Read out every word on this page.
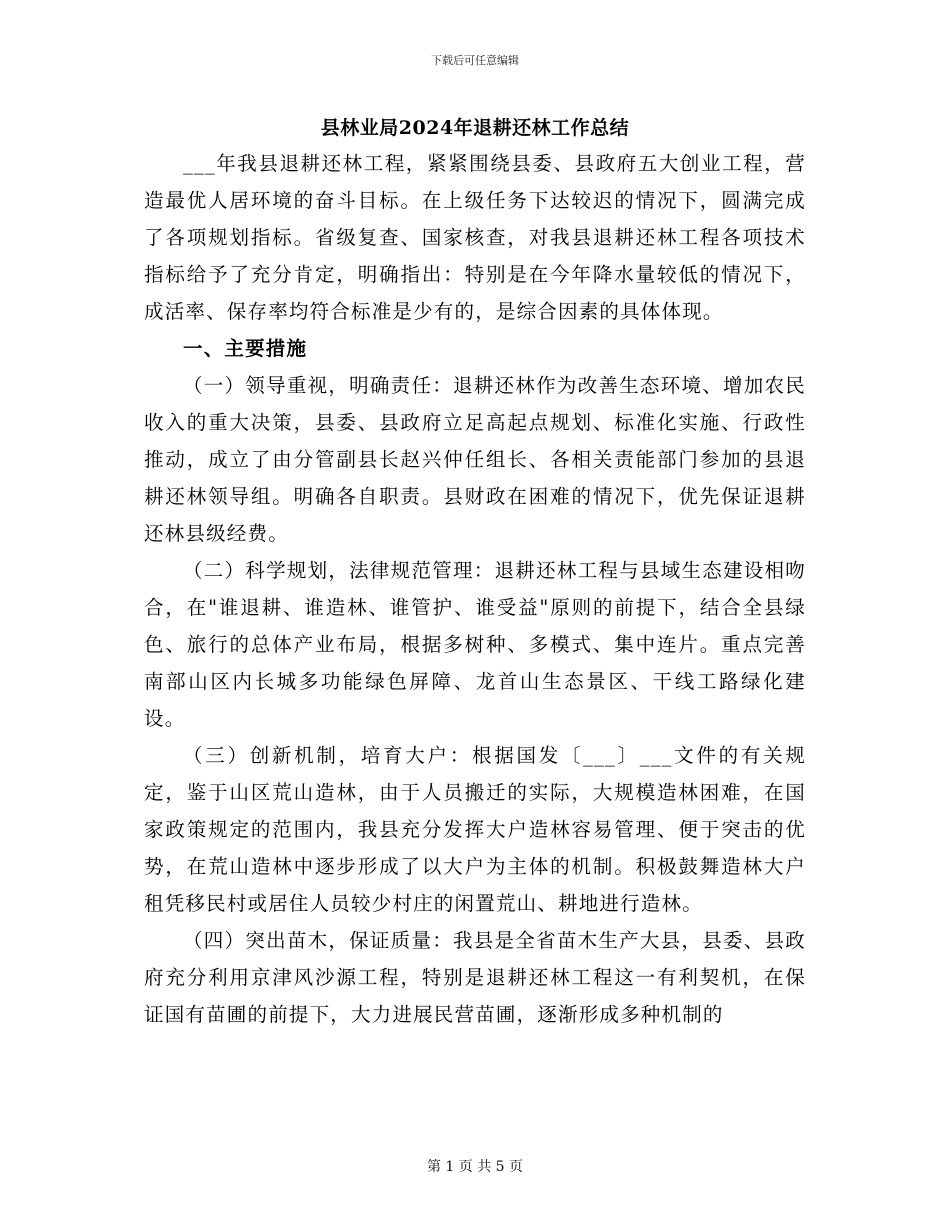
下载后可任意编辑
县林业局2024年退耕还林工作总结

___年我县退耕还林工程，紧紧围绕县委、县政府五大创业工程，营造最优人居环境的奋斗目标。在上级任务下达较迟的情况下，圆满完成了各项规划指标。省级复查、国家核查，对我县退耕还林工程各项技术指标给予了充分肯定，明确指出：特别是在今年降水量较低的情况下，成活率、保存率均符合标准是少有的，是综合因素的具体体现。

一、主要措施

（一）领导重视，明确责任：退耕还林作为改善生态环境、增加农民收入的重大决策，县委、县政府立足高起点规划、标准化实施、行政性推动，成立了由分管副县长赵兴仲任组长、各相关责能部门参加的县退耕还林领导组。明确各自职责。县财政在困难的情况下，优先保证退耕还林县级经费。

（二）科学规划，法律规范管理：退耕还林工程与县域生态建设相吻合，在"谁退耕、谁造林、谁管护、谁受益"原则的前提下，结合全县绿色、旅行的总体产业布局，根据多树种、多模式、集中连片。重点完善南部山区内长城多功能绿色屏障、龙首山生态景区、干线工路绿化建设。

（三）创新机制，培育大户：根据国发〔___〕___文件的有关规定，鉴于山区荒山造林，由于人员搬迁的实际，大规模造林困难，在国家政策规定的范围内，我县充分发挥大户造林容易管理、便于突击的优势，在荒山造林中逐步形成了以大户为主体的机制。积极鼓舞造林大户租凭移民村或居住人员较少村庄的闲置荒山、耕地进行造林。

（四）突出苗木，保证质量：我县是全省苗木生产大县，县委、县政府充分利用京津风沙源工程，特别是退耕还林工程这一有利契机，在保证国有苗圃的前提下，大力进展民营苗圃，逐渐形成多种机制的

第 1 页 共 5 页
